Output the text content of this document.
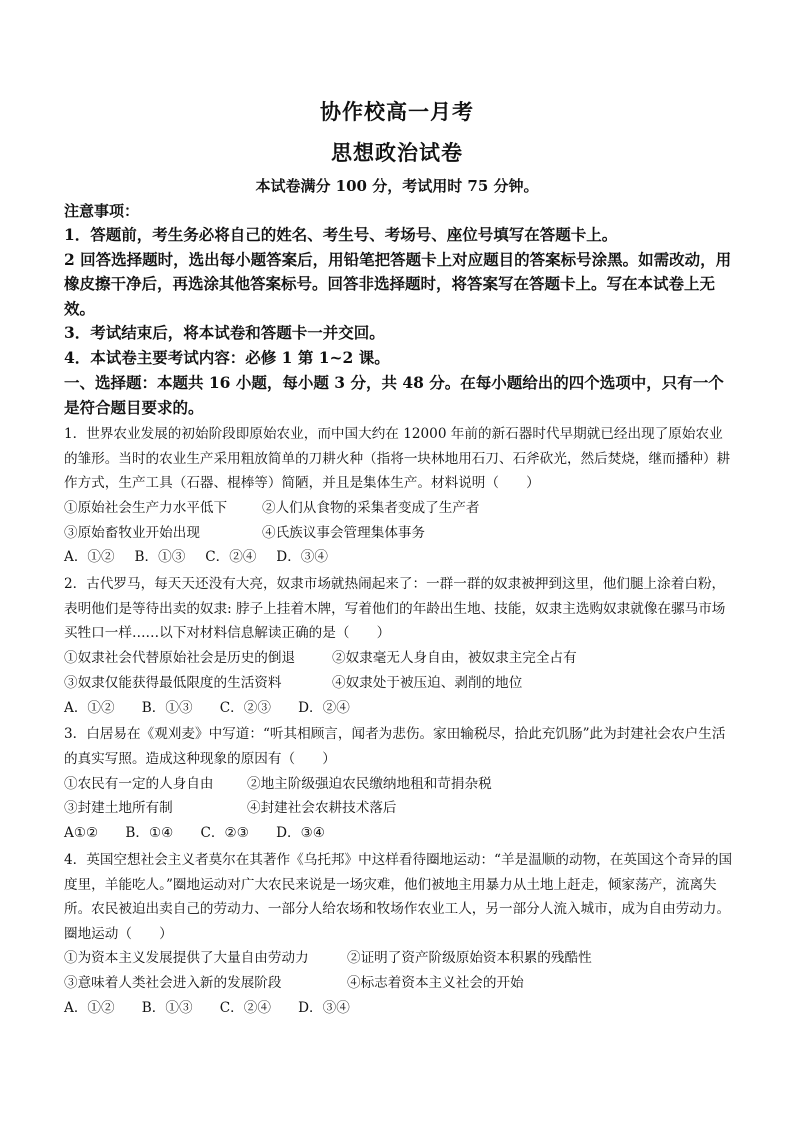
协作校高一月考
思想政治试卷
本试卷满分 100 分，考试用时 75 分钟。
注意事项：
1．答题前，考生务必将自己的姓名、考生号、考场号、座位号填写在答题卡上。
2 回答选择题时，选出每小题答案后，用铅笔把答题卡上对应题目的答案标号涂黑。如需改动，用橡皮擦干净后，再选涂其他答案标号。回答非选择题时，将答案写在答题卡上。写在本试卷上无效。
3．考试结束后，将本试卷和答题卡一并交回。
4．本试卷主要考试内容：必修 1 第 1~2 课。
一、选择题：本题共 16 小题，每小题 3 分，共 48 分。在每小题给出的四个选项中，只有一个是符合题目要求的。
1．世界农业发展的初始阶段即原始农业，而中国大约在 12000 年前的新石器时代早期就已经出现了原始农业的雏形。当时的农业生产采用粗放简单的刀耕火种（指将一块林地用石刀、石斧砍光，然后焚烧，继而播种）耕作方式，生产工具（石器、棍棒等）简陋，并且是集体生产。材料说明（　　）
①原始社会生产力水平低下	②人们从食物的采集者变成了生产者
③原始畜牧业开始出现	④氏族议事会管理集体事务
A．①②　 B．①③　 C．②④　 D．③④
2．古代罗马，每天天还没有大亮，奴隶市场就热闹起来了：一群一群的奴隶被押到这里，他们腿上涂着白粉，表明他们是等待出卖的奴隶: 脖子上挂着木牌，写着他们的年龄出生地、技能，奴隶主选购奴隶就像在骡马市场买牲口一样……以下对材料信息解读正确的是（　　）
①奴隶社会代替原始社会是历史的倒退	②奴隶毫无人身自由，被奴隶主完全占有
③奴隶仅能获得最低限度的生活资料	④奴隶处于被压迫、剥削的地位
A．①②　　B．①③　　C．②③　　D．②④
3．白居易在《观刈麦》中写道：“听其相顾言，闻者为悲伤。家田输税尽，拾此充饥肠”此为封建社会农户生活的真实写照。造成这种现象的原因有（　　）
①农民有一定的人身自由	②地主阶级强迫农民缴纳地租和苛捐杂税
③封建土地所有制	④封建社会农耕技术落后
A①②　　B．①④　　C．②③　　D．③④
4．英国空想社会主义者莫尔在其著作《乌托邦》中这样看待圈地运动：“羊是温顺的动物，在英国这个奇异的国度里，羊能吃人。”圈地运动对广大农民来说是一场灾难，他们被地主用暴力从土地上赶走，倾家荡产，流离失所。农民被迫出卖自己的劳动力、一部分人给农场和牧场作农业工人，另一部分人流入城市，成为自由劳动力。圈地运动（　　）
①为资本主义发展提供了大量自由劳动力	②证明了资产阶级原始资本积累的残酷性
③意味着人类社会进入新的发展阶段	④标志着资本主义社会的开始
A．①②　　B．①③　　C．②④　　D．③④
